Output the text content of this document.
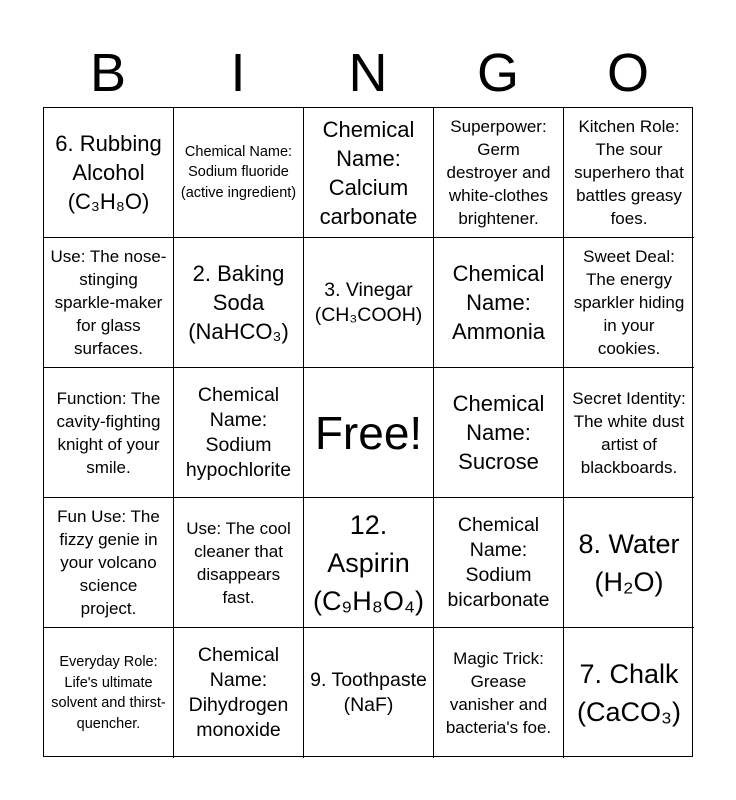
B	I	N	G	O
6. Rubbing Alcohol (C₃H₈O)
Chemical Name: Sodium fluoride (active ingredient)
Chemical Name: Calcium carbonate
Superpower: Germ destroyer and white-clothes brightener.
Kitchen Role: The sour superhero that battles greasy foes.
Use: The nose-stinging sparkle-maker for glass surfaces.
2. Baking Soda (NaHCO₃)
3. Vinegar (CH₃COOH)
Chemical Name: Ammonia
Sweet Deal: The energy sparkler hiding in your cookies.
Function: The cavity-fighting knight of your smile.
Chemical Name: Sodium hypochlorite
Free!
Chemical Name: Sucrose
Secret Identity: The white dust artist of blackboards.
Fun Use: The fizzy genie in your volcano science project.
Use: The cool cleaner that disappears fast.
12. Aspirin (C₉H₈O₄)
Chemical Name: Sodium bicarbonate
8. Water (H₂O)
Everyday Role: Life's ultimate solvent and thirst-quencher.
Chemical Name: Dihydrogen monoxide
9. Toothpaste (NaF)
Magic Trick: Grease vanisher and bacteria's foe.
7. Chalk (CaCO₃)
